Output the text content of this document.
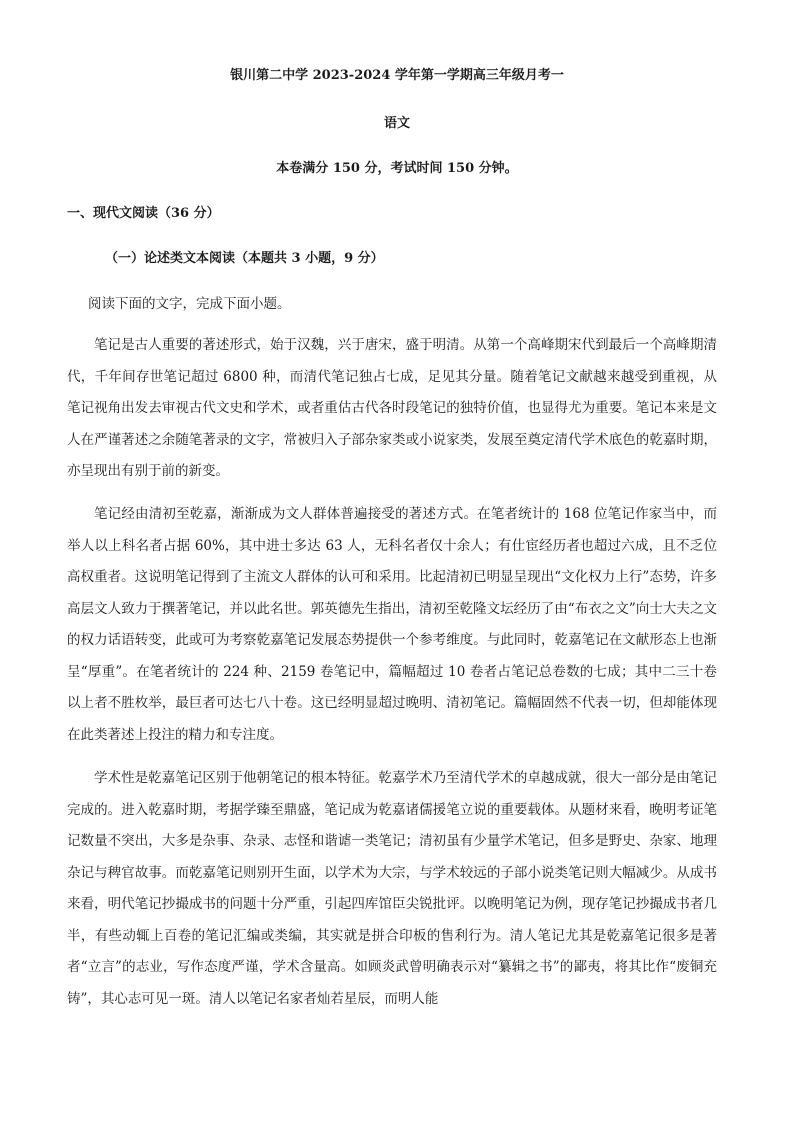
银川第二中学 2023-2024 学年第一学期高三年级月考一
语文
本卷满分 150 分，考试时间 150 分钟。
一、现代文阅读（36 分）
（一）论述类文本阅读（本题共 3 小题，9 分）
阅读下面的文字，完成下面小题。

笔记是古人重要的著述形式，始于汉魏，兴于唐宋，盛于明清。从第一个高峰期宋代到最后一个高峰期清代，千年间存世笔记超过 6800 种，而清代笔记独占七成，足见其分量。随着笔记文献越来越受到重视，从笔记视角出发去审视古代文史和学术，或者重估古代各时段笔记的独特价值，也显得尤为重要。笔记本来是文人在严谨著述之余随笔著录的文字，常被归入子部杂家类或小说家类，发展至奠定清代学术底色的乾嘉时期，亦呈现出有别于前的新变。

笔记经由清初至乾嘉，渐渐成为文人群体普遍接受的著述方式。在笔者统计的 168 位笔记作家当中，而举人以上科名者占据 60%，其中进士多达 63 人，无科名者仅十余人；有仕宦经历者也超过六成，且不乏位高权重者。这说明笔记得到了主流文人群体的认可和采用。比起清初已明显呈现出“文化权力上行”态势，许多高层文人致力于撰著笔记，并以此名世。郭英德先生指出，清初至乾隆文坛经历了由“布衣之文”向士大夫之文的权力话语转变，此或可为考察乾嘉笔记发展态势提供一个参考维度。与此同时，乾嘉笔记在文献形态上也渐呈“厚重”。在笔者统计的 224 种、2159 卷笔记中，篇幅超过 10 卷者占笔记总卷数的七成；其中二三十卷以上者不胜枚举，最巨者可达七八十卷。这已经明显超过晚明、清初笔记。篇幅固然不代表一切，但却能体现在此类著述上投注的精力和专注度。

学术性是乾嘉笔记区别于他朝笔记的根本特征。乾嘉学术乃至清代学术的卓越成就，很大一部分是由笔记完成的。进入乾嘉时期，考据学臻至鼎盛，笔记成为乾嘉诸儒援笔立说的重要载体。从题材来看，晚明考证笔记数量不突出，大多是杂事、杂录、志怪和谐谑一类笔记；清初虽有少量学术笔记，但多是野史、杂家、地理杂记与稗官故事。而乾嘉笔记则别开生面，以学术为大宗，与学术较远的子部小说类笔记则大幅减少。从成书来看，明代笔记抄撮成书的问题十分严重，引起四库馆臣尖锐批评。以晚明笔记为例，现存笔记抄撮成书者几半，有些动辄上百卷的笔记汇编或类编，其实就是拼合印板的售利行为。清人笔记尤其是乾嘉笔记很多是著者“立言”的志业，写作态度严谨，学术含量高。如顾炎武曾明确表示对“纂辑之书”的鄙夷，将其比作“废铜充铸”，其心志可见一斑。清人以笔记名家者灿若星辰，而明人能
